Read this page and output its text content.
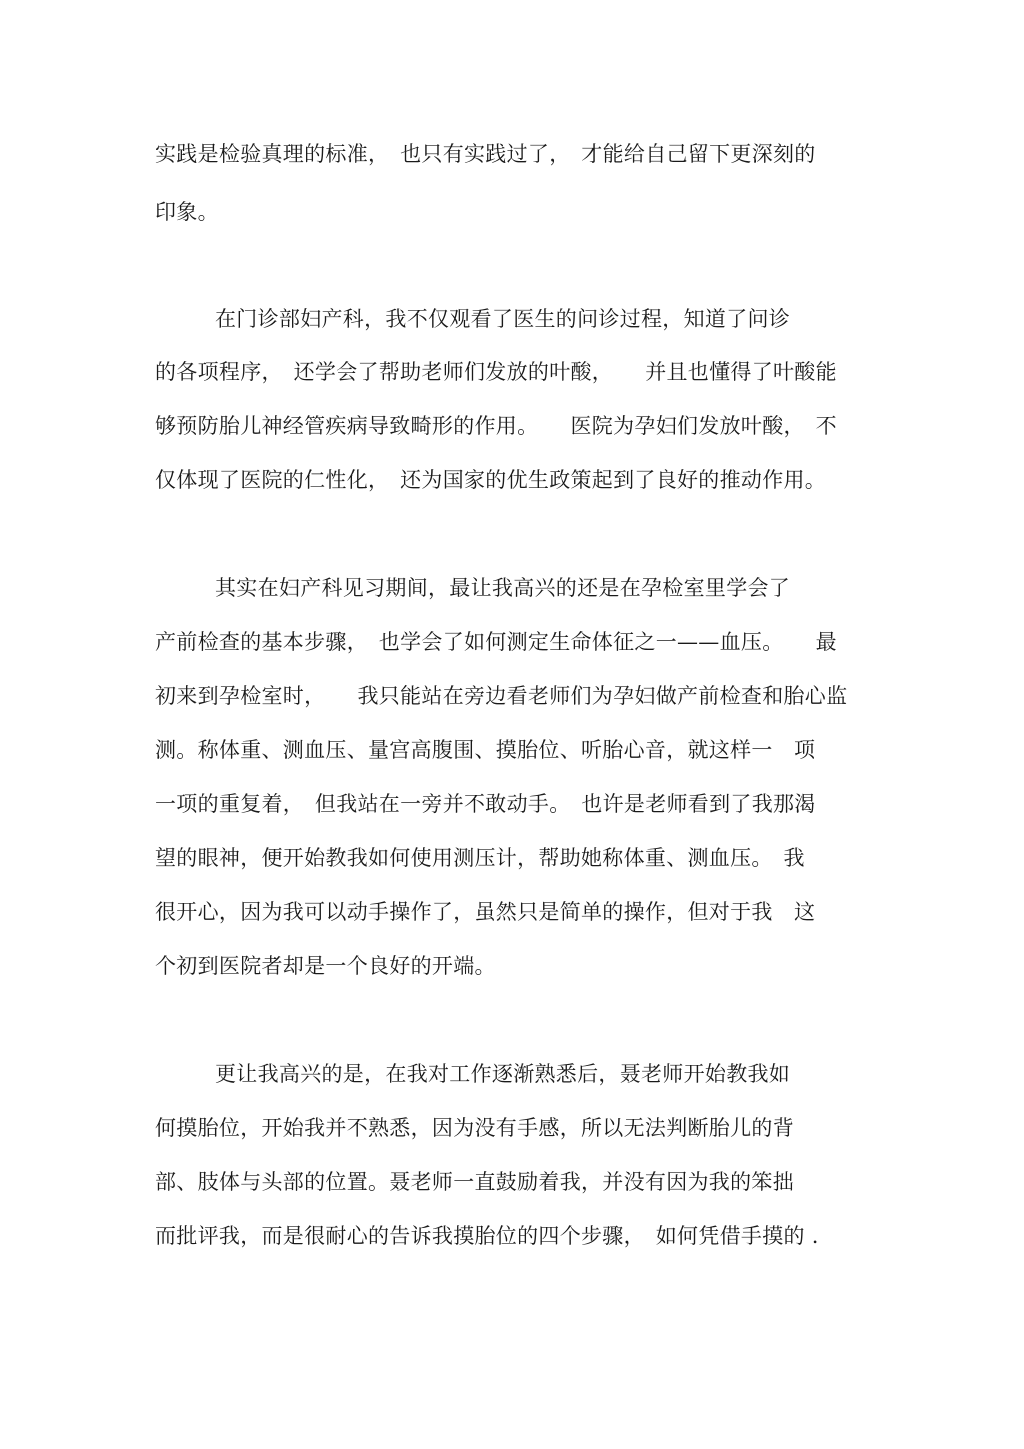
实践是检验真理的标准，　也只有实践过了，　才能给自己留下更深刻的
印象。
在门诊部妇产科，我不仅观看了医生的问诊过程，知道了问诊
的各项程序，　还学会了帮助老师们发放的叶酸，　　并且也懂得了叶酸能
够预防胎儿神经管疾病导致畸形的作用。　　医院为孕妇们发放叶酸，　不
仅体现了医院的仁性化，　还为国家的优生政策起到了良好的推动作用。
其实在妇产科见习期间，最让我高兴的还是在孕检室里学会了
产前检查的基本步骤，　也学会了如何测定生命体征之一——血压。　　最
初来到孕检室时，　　我只能站在旁边看老师们为孕妇做产前检查和胎心监
测。称体重、测血压、量宫高腹围、摸胎位、听胎心音，就这样一　项
一项的重复着，　但我站在一旁并不敢动手。　也许是老师看到了我那渴
望的眼神，便开始教我如何使用测压计，帮助她称体重、测血压。　我
很开心，因为我可以动手操作了，虽然只是简单的操作，但对于我　这
个初到医院者却是一个良好的开端。
更让我高兴的是，在我对工作逐渐熟悉后，聂老师开始教我如
何摸胎位，开始我并不熟悉，因为没有手感，所以无法判断胎儿的背
部、肢体与头部的位置。聂老师一直鼓励着我，并没有因为我的笨拙
而批评我，而是很耐心的告诉我摸胎位的四个步骤，　如何凭借手摸的 .
